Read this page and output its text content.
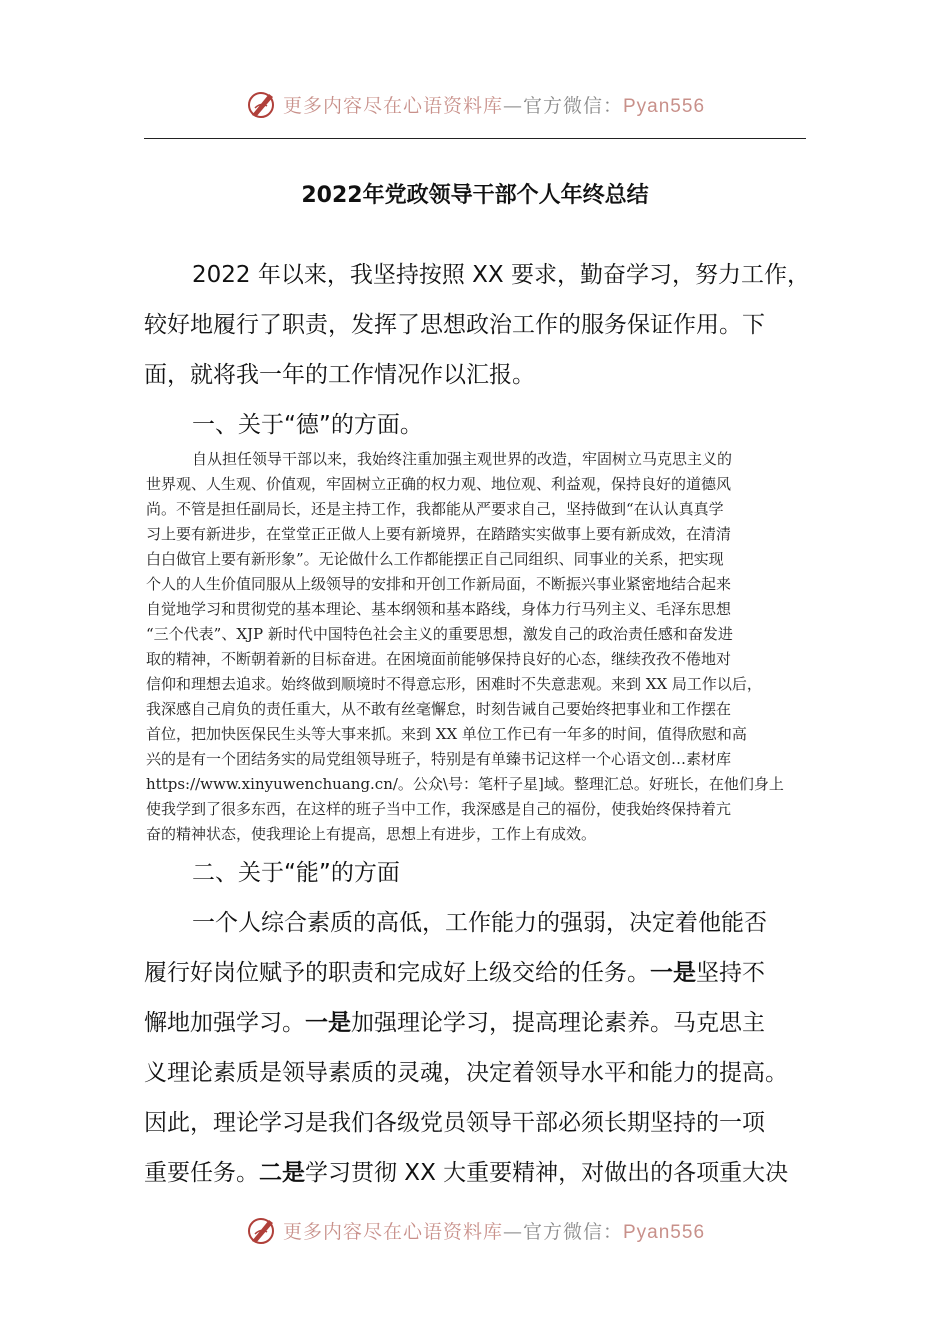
更多内容尽在心语资料库—官方微信：Pyan556
2022年党政领导干部个人年终总结
2022 年以来，我坚持按照 XX 要求，勤奋学习，努力工作，
较好地履行了职责，发挥了思想政治工作的服务保证作用。下
面，就将我一年的工作情况作以汇报。
一、关于“德”的方面。
自从担任领导干部以来，我始终注重加强主观世界的改造，牢固树立马克思主义的
世界观、人生观、价值观，牢固树立正确的权力观、地位观、利益观，保持良好的道德风
尚。不管是担任副局长，还是主持工作，我都能从严要求自己，坚持做到“在认认真真学
习上要有新进步，在堂堂正正做人上要有新境界，在踏踏实实做事上要有新成效，在清清
白白做官上要有新形象”。无论做什么工作都能摆正自己同组织、同事业的关系，把实现
个人的人生价值同服从上级领导的安排和开创工作新局面，不断振兴事业紧密地结合起来
自觉地学习和贯彻党的基本理论、基本纲领和基本路线，身体力行马列主义、毛泽东思想
“三个代表”、XJP 新时代中国特色社会主义的重要思想，激发自己的政治责任感和奋发进
取的精神，不断朝着新的目标奋进。在困境面前能够保持良好的心态，继续孜孜不倦地对
信仰和理想去追求。始终做到顺境时不得意忘形，困难时不失意悲观。来到 XX 局工作以后，
我深感自己肩负的责任重大，从不敢有丝毫懈怠，时刻告诫自己要始终把事业和工作摆在
首位，把加快医保民生头等大事来抓。来到 XX 单位工作已有一年多的时间，值得欣慰和高
兴的是有一个团结务实的局党组领导班子，特别是有单臻书记这样一个心语文创…素材库
https://www.xinyuwenchuang.cn/。公众\号：笔杆子星]域。整理汇总。好班长，在他们身上
使我学到了很多东西，在这样的班子当中工作，我深感是自己的福份，使我始终保持着亢
奋的精神状态，使我理论上有提高，思想上有进步，工作上有成效。
二、关于“能”的方面
一个人综合素质的高低，工作能力的强弱，决定着他能否
履行好岗位赋予的职责和完成好上级交给的任务。一是坚持不
懈地加强学习。一是加强理论学习，提高理论素养。马克思主
义理论素质是领导素质的灵魂，决定着领导水平和能力的提高。
因此，理论学习是我们各级党员领导干部必须长期坚持的一项
重要任务。二是学习贯彻 XX 大重要精神，对做出的各项重大决
更多内容尽在心语资料库—官方微信：Pyan556
